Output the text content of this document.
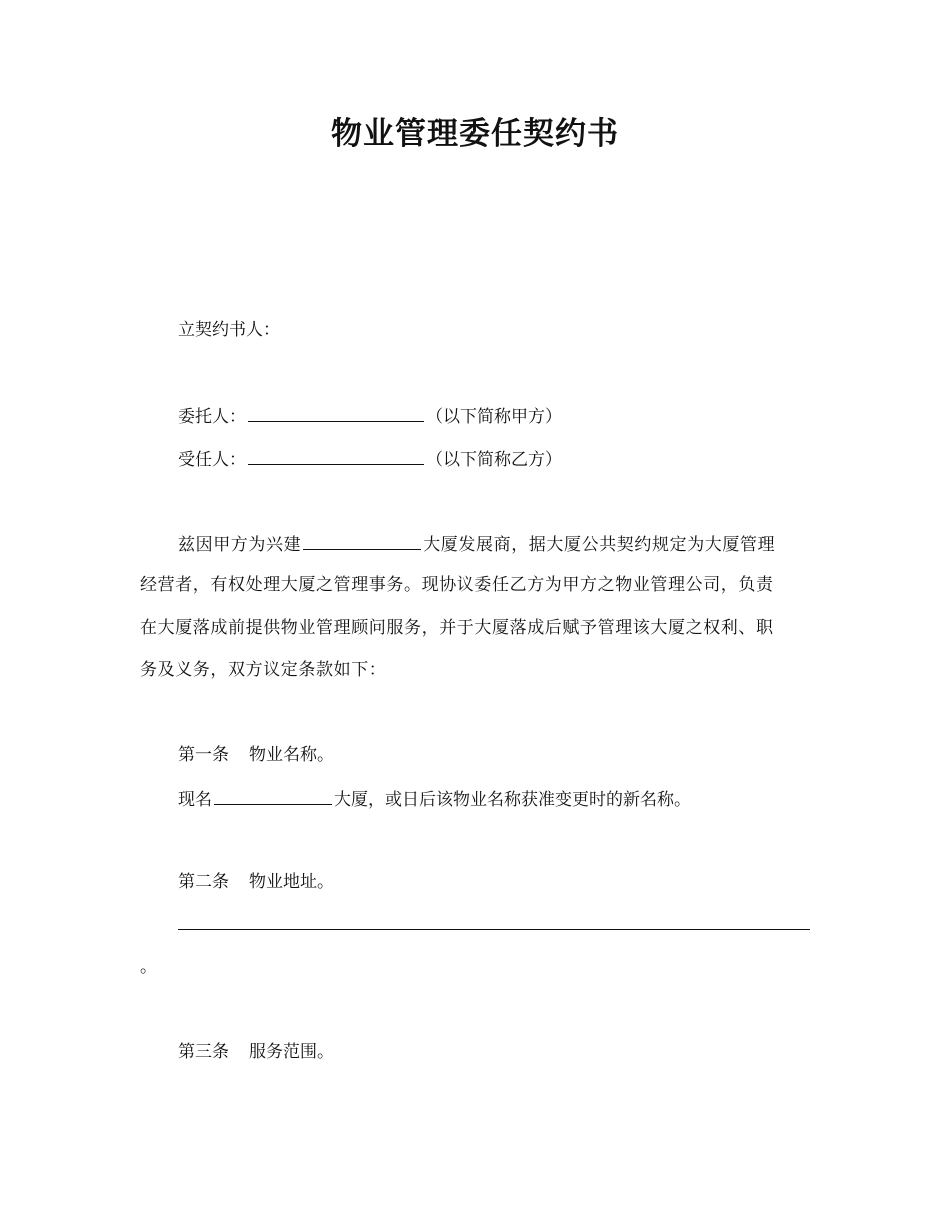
物业管理委任契约书
立契约书人：
委托人：	（以下简称甲方）
受任人：	（以下简称乙方）
兹因甲方为兴建	大厦发展商，据大厦公共契约规定为大厦管理
经营者，有权处理大厦之管理事务。现协议委任乙方为甲方之物业管理公司，负责
在大厦落成前提供物业管理顾问服务，并于大厦落成后赋予管理该大厦之权利、职
务及义务，双方议定条款如下：
第一条 物业名称。
现名	大厦，或日后该物业名称获准变更时的新名称。
第二条 物业地址。
。
第三条 服务范围。
